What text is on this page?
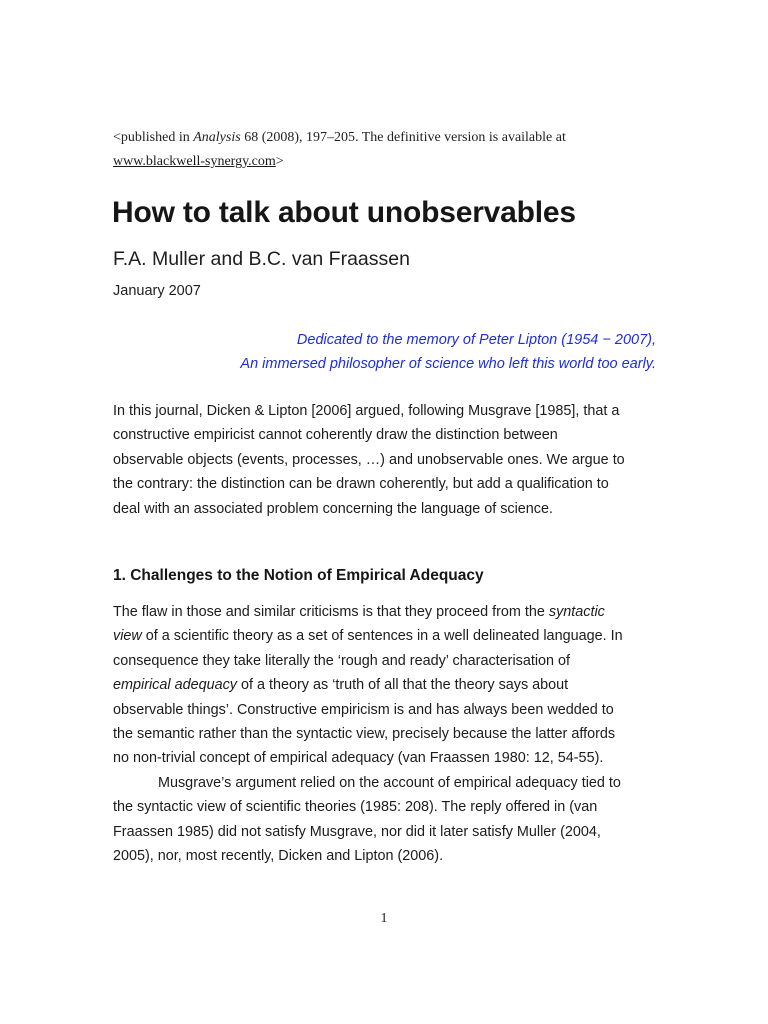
<published in Analysis 68 (2008), 197–205. The definitive version is available at
www.blackwell-synergy.com>
How to talk about unobservables
F.A. Muller and B.C. van Fraassen
January 2007
Dedicated to the memory of Peter Lipton (1954 − 2007),
An immersed philosopher of science who left this world too early.
In this journal, Dicken & Lipton [2006] argued, following Musgrave [1985], that a
constructive empiricist cannot coherently draw the distinction between
observable objects (events, processes, …) and unobservable ones. We argue to
the contrary: the distinction can be drawn coherently, but add a qualification to
deal with an associated problem concerning the language of science.
1. Challenges to the Notion of Empirical Adequacy
The flaw in those and similar criticisms is that they proceed from the syntactic
view of a scientific theory as a set of sentences in a well delineated language. In
consequence they take literally the ‘rough and ready’ characterisation of
empirical adequacy of a theory as ‘truth of all that the theory says about
observable things’. Constructive empiricism is and has always been wedded to
the semantic rather than the syntactic view, precisely because the latter affords
no non-trivial concept of empirical adequacy (van Fraassen 1980: 12, 54-55).
Musgrave’s argument relied on the account of empirical adequacy tied to
the syntactic view of scientific theories (1985: 208). The reply offered in (van
Fraassen 1985) did not satisfy Musgrave, nor did it later satisfy Muller (2004,
2005), nor, most recently, Dicken and Lipton (2006).
1
